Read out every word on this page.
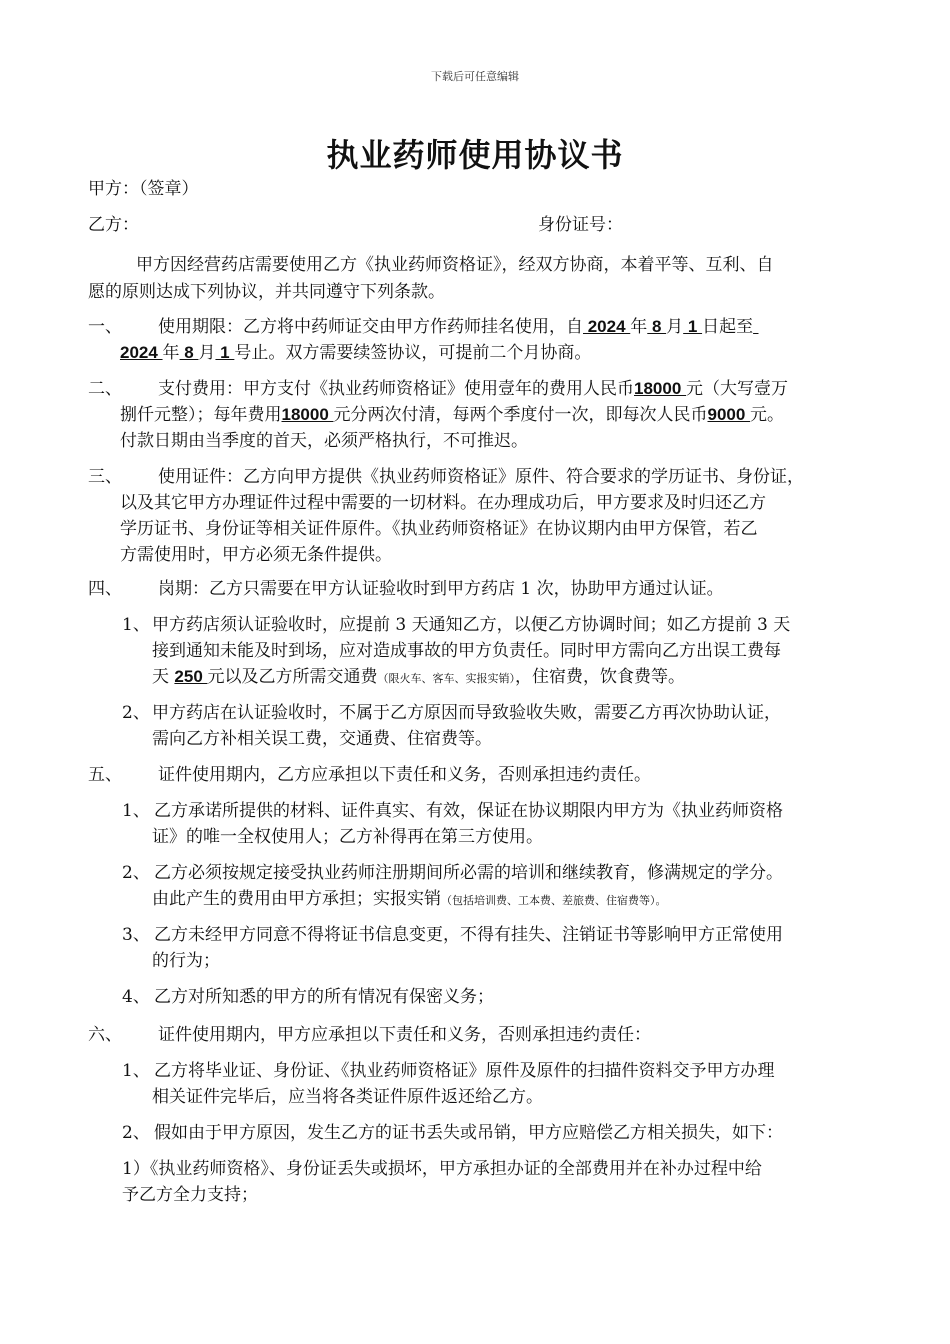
下载后可任意编辑
执业药师使用协议书
甲方：（签章）
乙方：	身份证号：
甲方因经营药店需要使用乙方《执业药师资格证》，经双方协商，本着平等、互利、自
愿的原则达成下列协议，并共同遵守下列条款。
一、 使用期限：乙方将中药师证交由甲方作药师挂名使用，自 2024 年 8 月 1 日起至
2024 年 8 月 1 号止。双方需要续签协议，可提前二个月协商。
二、 支付费用：甲方支付《执业药师资格证》使用壹年的费用人民币18000 元（大写壹万
捌仟元整）；每年费用18000 元分两次付清，每两个季度付一次，即每次人民币9000 元。
付款日期由当季度的首天，必须严格执行，不可推迟。
三、 使用证件：乙方向甲方提供《执业药师资格证》原件、符合要求的学历证书、身份证，
以及其它甲方办理证件过程中需要的一切材料。在办理成功后，甲方要求及时归还乙方
学历证书、身份证等相关证件原件。《执业药师资格证》在协议期内由甲方保管，若乙
方需使用时，甲方必须无条件提供。
四、 岗期：乙方只需要在甲方认证验收时到甲方药店 1 次，协助甲方通过认证。
1、 甲方药店须认证验收时，应提前 3 天通知乙方，以便乙方协调时间；如乙方提前 3 天
接到通知未能及时到场，应对造成事故的甲方负责任。同时甲方需向乙方出误工费每
天 250 元以及乙方所需交通费（限火车、客车、实报实销），住宿费，饮食费等。
2、 甲方药店在认证验收时，不属于乙方原因而导致验收失败，需要乙方再次协助认证，
需向乙方补相关误工费，交通费、住宿费等。
五、 证件使用期内，乙方应承担以下责任和义务，否则承担违约责任。
1、 乙方承诺所提供的材料、证件真实、有效，保证在协议期限内甲方为《执业药师资格
证》的唯一全权使用人；乙方补得再在第三方使用。
2、 乙方必须按规定接受执业药师注册期间所必需的培训和继续教育，修满规定的学分。
由此产生的费用由甲方承担；实报实销（包括培训费、工本费、差旅费、住宿费等）。
3、 乙方未经甲方同意不得将证书信息变更，不得有挂失、注销证书等影响甲方正常使用
的行为；
4、 乙方对所知悉的甲方的所有情况有保密义务；
六、 证件使用期内，甲方应承担以下责任和义务，否则承担违约责任：
1、 乙方将毕业证、身份证、《执业药师资格证》原件及原件的扫描件资料交予甲方办理
相关证件完毕后，应当将各类证件原件返还给乙方。
2、 假如由于甲方原因，发生乙方的证书丢失或吊销，甲方应赔偿乙方相关损失，如下：
1）《执业药师资格》、身份证丢失或损坏，甲方承担办证的全部费用并在补办过程中给
予乙方全力支持；
